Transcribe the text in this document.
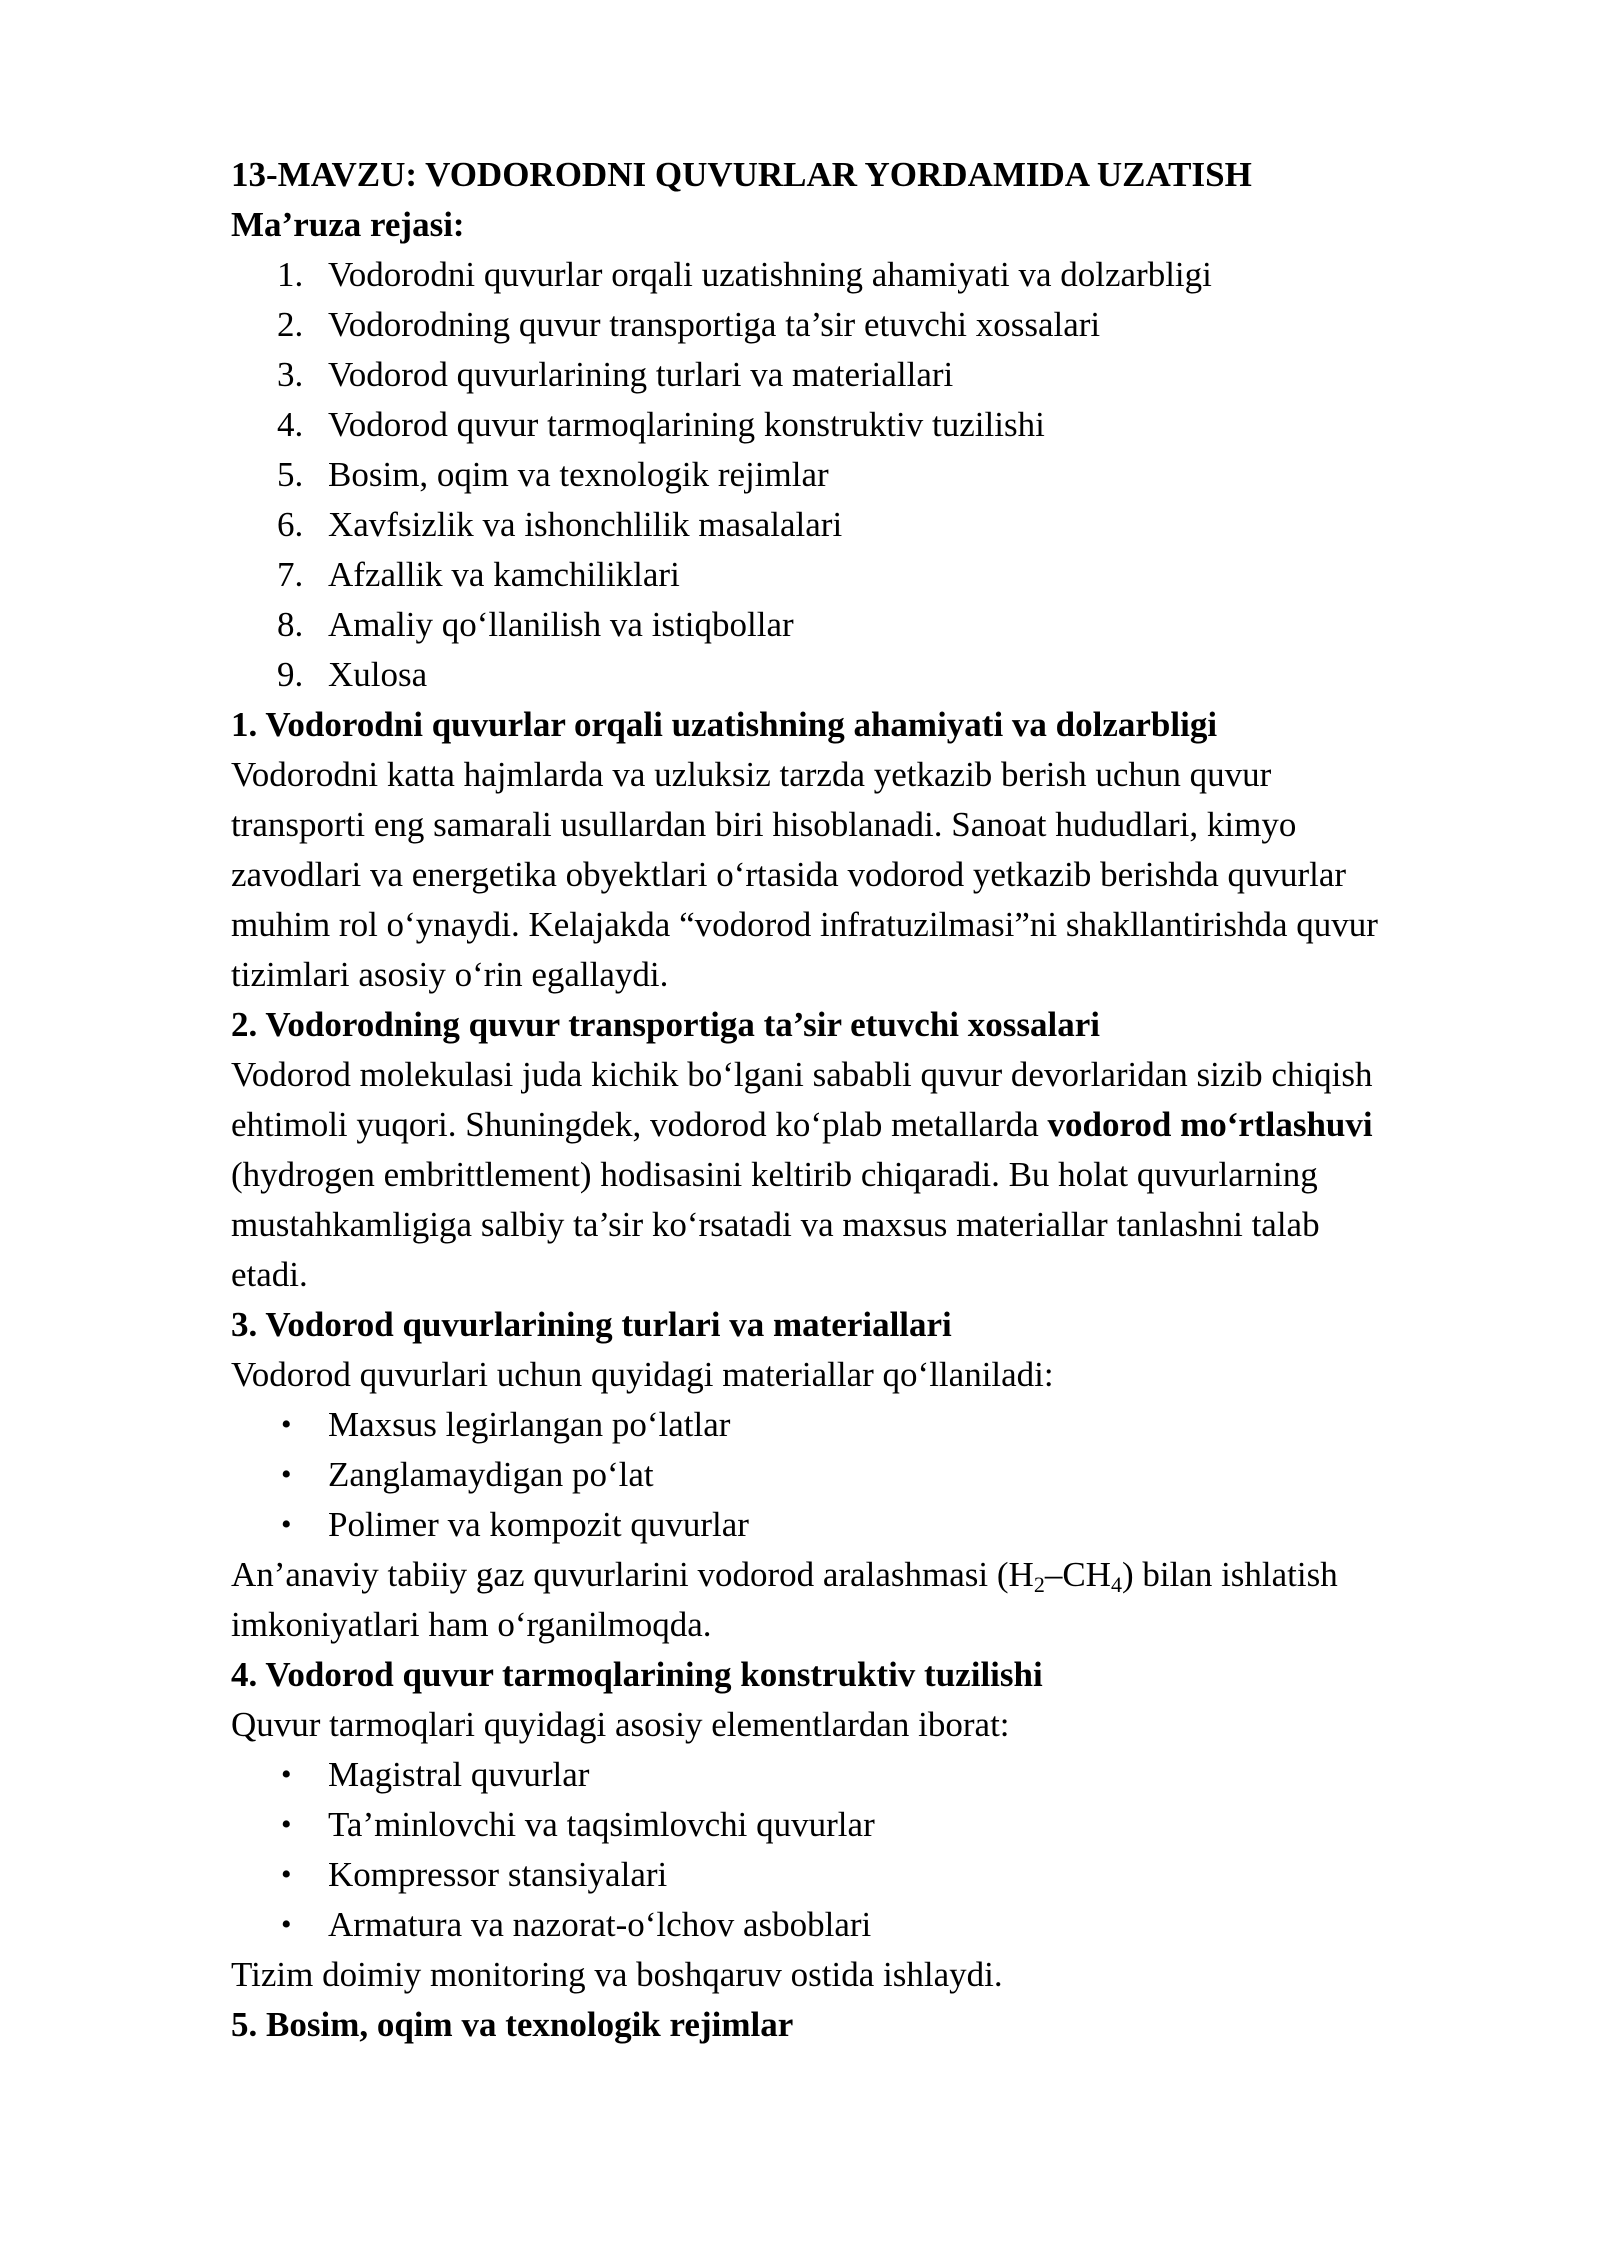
13-MAVZU: VODORODNI QUVURLAR YORDAMIDA UZATISH

Ma’ruza rejasi:

1. Vodorodni quvurlar orqali uzatishning ahamiyati va dolzarbligi
2. Vodorodning quvur transportiga ta’sir etuvchi xossalari
3. Vodorod quvurlarining turlari va materiallari
4. Vodorod quvur tarmoqlarining konstruktiv tuzilishi
5. Bosim, oqim va texnologik rejimlar
6. Xavfsizlik va ishonchlilik masalalari
7. Afzallik va kamchiliklari
8. Amaliy qo‘llanilish va istiqbollar
9. Xulosa

1. Vodorodni quvurlar orqali uzatishning ahamiyati va dolzarbligi

Vodorodni katta hajmlarda va uzluksiz tarzda yetkazib berish uchun quvur

transporti eng samarali usullardan biri hisoblanadi. Sanoat hududlari, kimyo

zavodlari va energetika obyektlari o‘rtasida vodorod yetkazib berishda quvurlar

muhim rol o‘ynaydi. Kelajakda “vodorod infratuzilmasi”ni shakllantirishda quvur

tizimlari asosiy o‘rin egallaydi.

2. Vodorodning quvur transportiga ta’sir etuvchi xossalari

Vodorod molekulasi juda kichik bo‘lgani sababli quvur devorlaridan sizib chiqish

ehtimoli yuqori. Shuningdek, vodorod ko‘plab metallarda vodorod mo‘rtlashuvi

(hydrogen embrittlement) hodisasini keltirib chiqaradi. Bu holat quvurlarning

mustahkamligiga salbiy ta’sir ko‘rsatadi va maxsus materiallar tanlashni talab

etadi.

3. Vodorod quvurlarining turlari va materiallari

Vodorod quvurlari uchun quyidagi materiallar qo‘llaniladi:

•	Maxsus legirlangan po‘latlar
•	Zanglamaydigan po‘lat
•	Polimer va kompozit quvurlar

An’anaviy tabiiy gaz quvurlarini vodorod aralashmasi $(H_2-CH_4)$ bilan ishlatish

imkoniyatlari ham o‘rganilmoqda.

4. Vodorod quvur tarmoqlarining konstruktiv tuzilishi

Quvur tarmoqlari quyidagi asosiy elementlardan iborat:

•	Magistral quvurlar
•	Ta’minlovchi va taqsimlovchi quvurlar
•	Kompressor stansiyalari
•	Armatura va nazorat-o‘lchov asboblari

Tizim doimiy monitoring va boshqaruv ostida ishlaydi.

5. Bosim, oqim va texnologik rejimlar
